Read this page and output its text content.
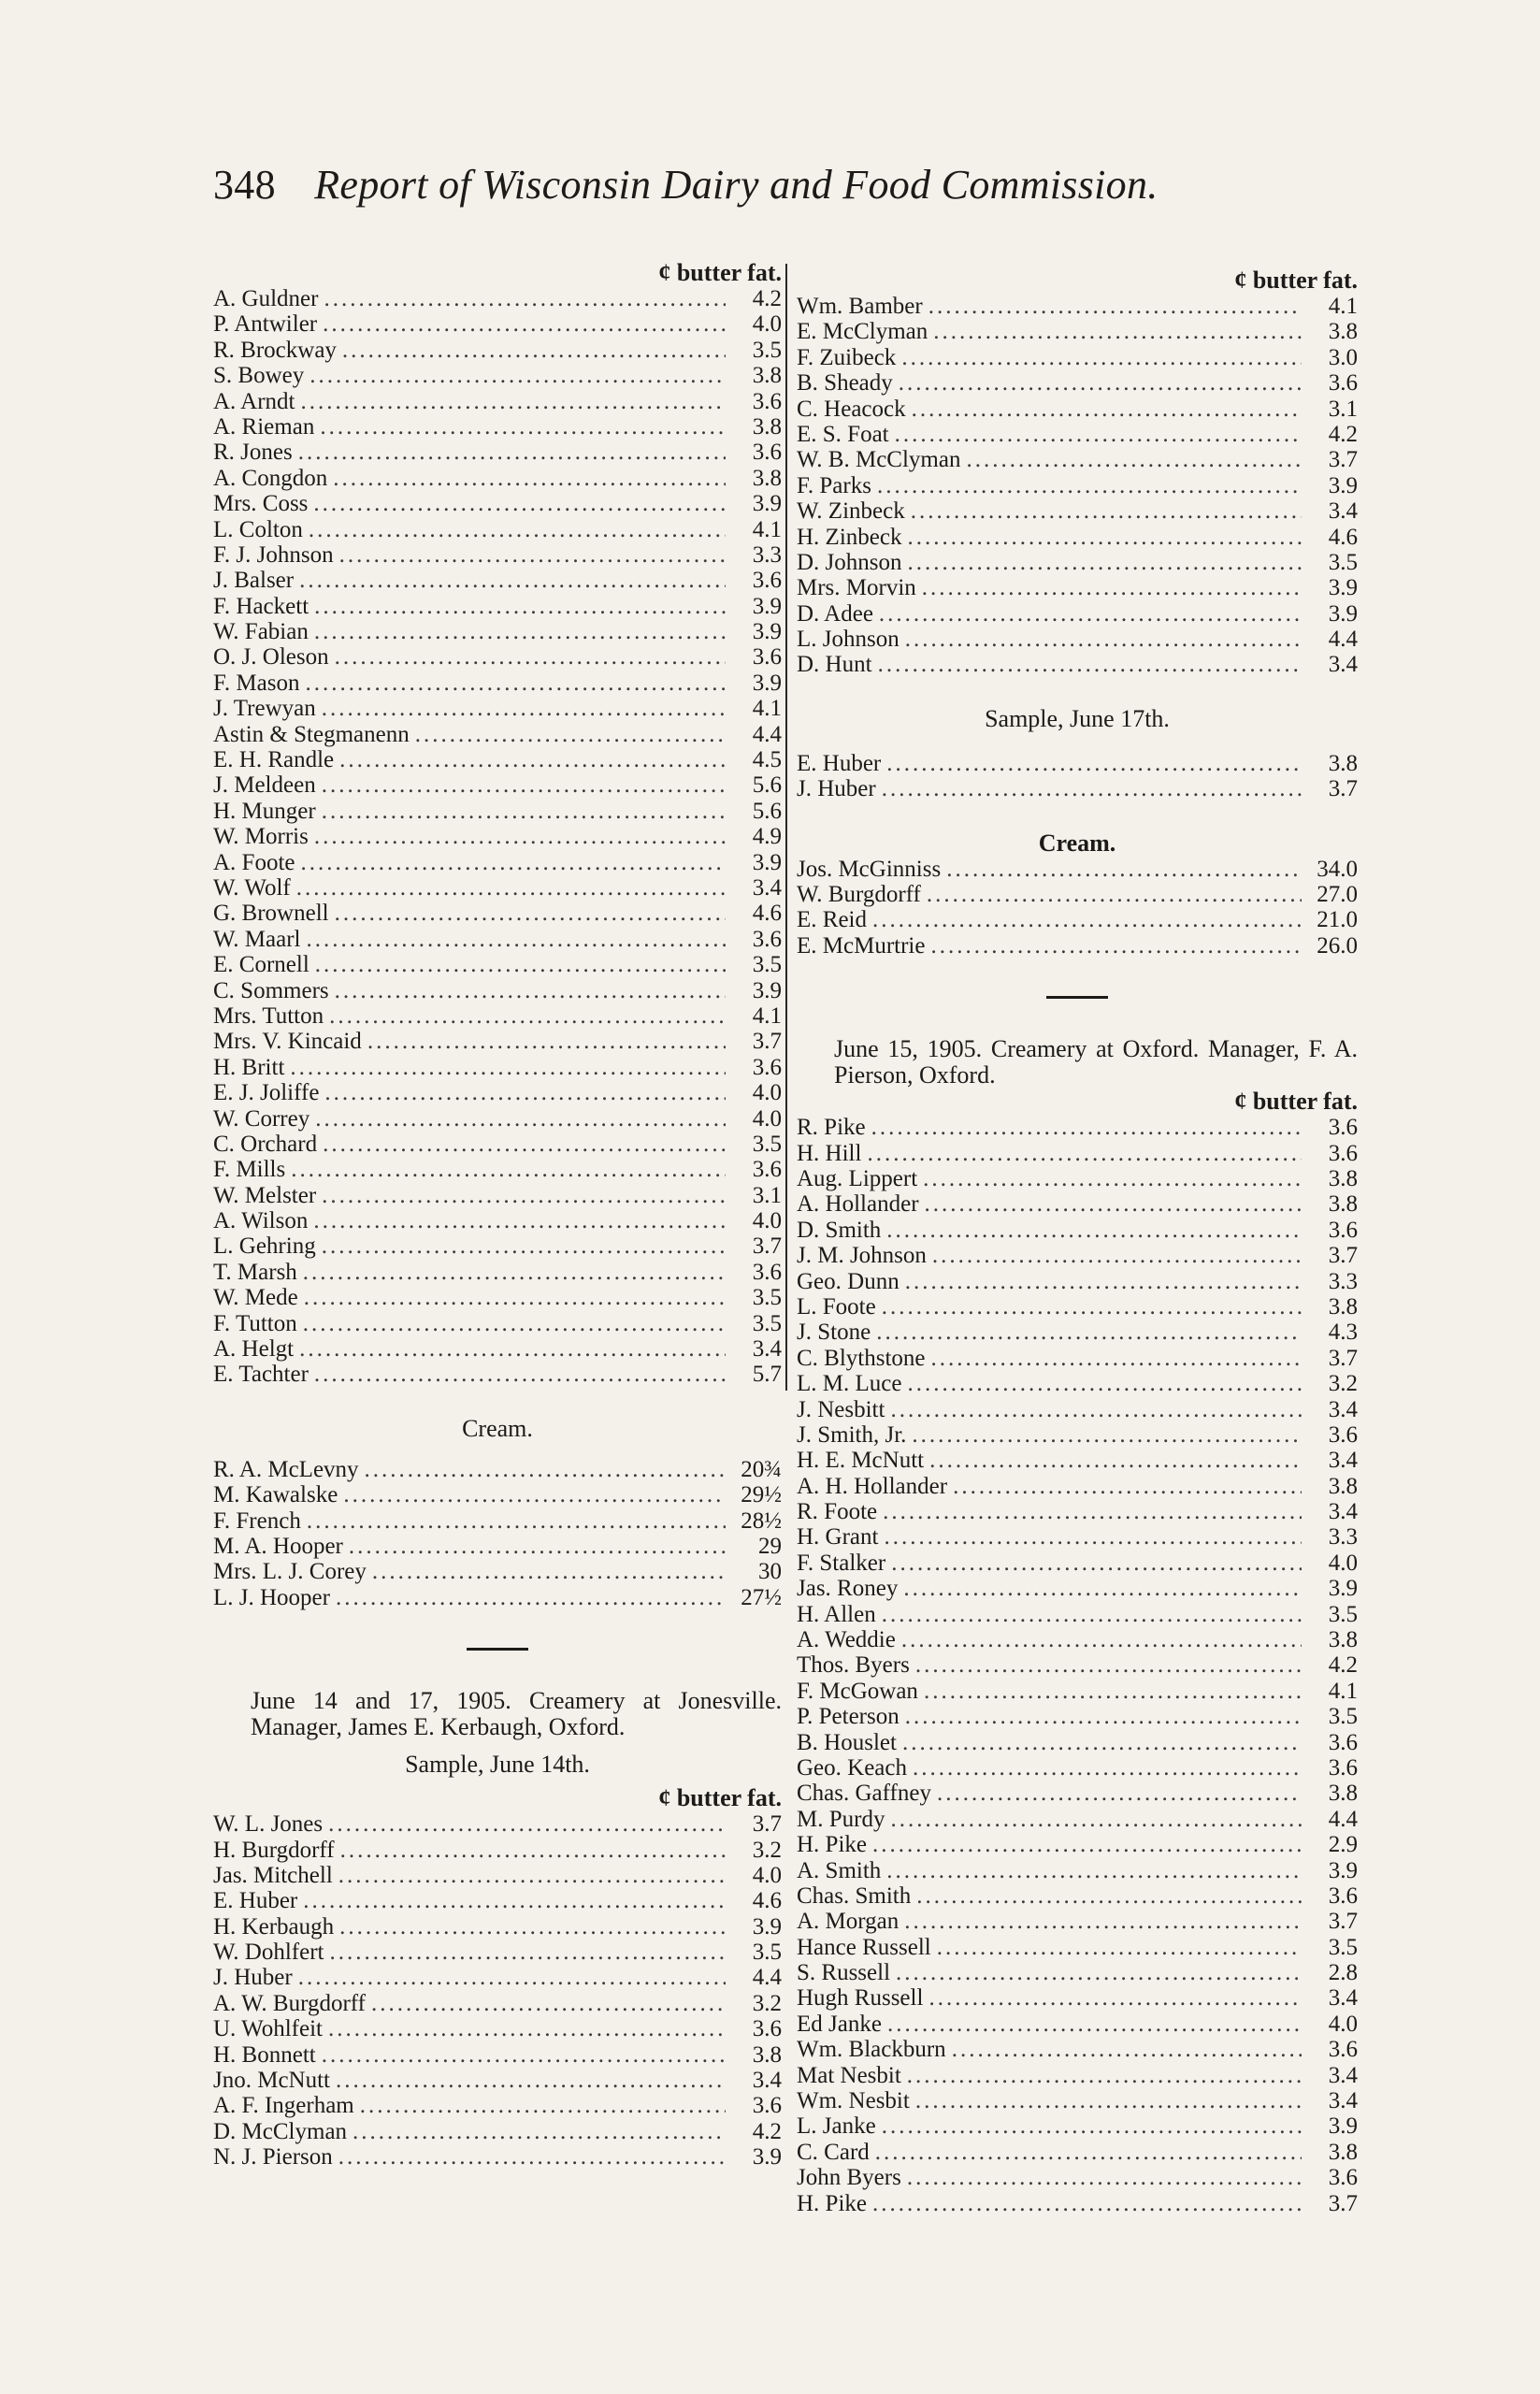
348 Report of Wisconsin Dairy and Food Commission.
¢ butter fat.
A. Guldner .....	4.2
P. Antwiler .....	4.0
R. Brockway .....	3.5
S. Bowey .....	3.8
A. Arndt .....	3.6
A. Rieman .....	3.8
R. Jones .....	3.6
A. Congdon .....	3.8
Mrs. Coss .....	3.9
L. Colton .....	4.1
F. J. Johnson .....	3.3
J. Balser .....	3.6
F. Hackett .....	3.9
W. Fabian .....	3.9
O. J. Oleson .....	3.6
F. Mason .....	3.9
J. Trewyan .....	4.1
Astin & Stegmanenn .....	4.4
E. H. Randle .....	4.5
J. Meldeen .....	5.6
H. Munger .....	5.6
W. Morris .....	4.9
A. Foote .....	3.9
W. Wolf .....	3.4
G. Brownell .....	4.6
W. Maarl .....	3.6
E. Cornell .....	3.5
C. Sommers .....	3.9
Mrs. Tutton .....	4.1
Mrs. V. Kincaid .....	3.7
H. Britt .....	3.6
E. J. Joliffe .....	4.0
W. Correy .....	4.0
C. Orchard .....	3.5
F. Mills .....	3.6
W. Melster .....	3.1
A. Wilson .....	4.0
L. Gehring .....	3.7
T. Marsh .....	3.6
W. Mede .....	3.5
F. Tutton .....	3.5
A. Helgt .....	3.4
E. Tachter .....	5.7
Cream.
R. A. McLevny .....	20¾
M. Kawalske .....	29½
F. French .....	28½
M. A. Hooper .....	29
Mrs. L. J. Corey .....	30
L. J. Hooper .....	27½
June 14 and 17, 1905. Creamery at Jonesville. Manager, James E. Kerbaugh, Oxford.
Sample, June 14th.
¢ butter fat.
W. L. Jones .....	3.7
H. Burgdorff .....	3.2
Jas. Mitchell .....	4.0
E. Huber .....	4.6
H. Kerbaugh .....	3.9
W. Dohlfert .....	3.5
J. Huber .....	4.4
A. W. Burgdorff .....	3.2
U. Wohlfeit .....	3.6
H. Bonnett .....	3.8
Jno. McNutt .....	3.4
A. F. Ingerham .....	3.6
D. McClyman .....	4.2
N. J. Pierson .....	3.9
¢ butter fat.
Wm. Bamber .....	4.1
E. McClyman .....	3.8
F. Zuibeck .....	3.0
B. Sheady .....	3.6
C. Heacock .....	3.1
E. S. Foat .....	4.2
W. B. McClyman .....	3.7
F. Parks .....	3.9
W. Zinbeck .....	3.4
H. Zinbeck .....	4.6
D. Johnson .....	3.5
Mrs. Morvin .....	3.9
D. Adee .....	3.9
L. Johnson .....	4.4
D. Hunt .....	3.4
Sample, June 17th.
E. Huber .....	3.8
J. Huber .....	3.7
Cream.
Jos. McGinniss .....	34.0
W. Burgdorff .....	27.0
E. Reid .....	21.0
E. McMurtrie .....	26.0
June 15, 1905. Creamery at Oxford. Manager, F. A. Pierson, Oxford.
¢ butter fat.
R. Pike .....	3.6
H. Hill .....	3.6
Aug. Lippert .....	3.8
A. Hollander .....	3.8
D. Smith .....	3.6
J. M. Johnson .....	3.7
Geo. Dunn .....	3.3
L. Foote .....	3.8
J. Stone .....	4.3
C. Blythstone .....	3.7
L. M. Luce .....	3.2
J. Nesbitt .....	3.4
J. Smith, Jr. .....	3.6
H. E. McNutt .....	3.4
A. H. Hollander .....	3.8
R. Foote .....	3.4
H. Grant .....	3.3
F. Stalker .....	4.0
Jas. Roney .....	3.9
H. Allen .....	3.5
A. Weddie .....	3.8
Thos. Byers .....	4.2
F. McGowan .....	4.1
P. Peterson .....	3.5
B. Houslet .....	3.6
Geo. Keach .....	3.6
Chas. Gaffney .....	3.8
M. Purdy .....	4.4
H. Pike .....	2.9
A. Smith .....	3.9
Chas. Smith .....	3.6
A. Morgan .....	3.7
Hance Russell .....	3.5
S. Russell .....	2.8
Hugh Russell .....	3.4
Ed Janke .....	4.0
Wm. Blackburn .....	3.6
Mat Nesbit .....	3.4
Wm. Nesbit .....	3.4
L. Janke .....	3.9
C. Card .....	3.8
John Byers .....	3.6
H. Pike .....	3.7
